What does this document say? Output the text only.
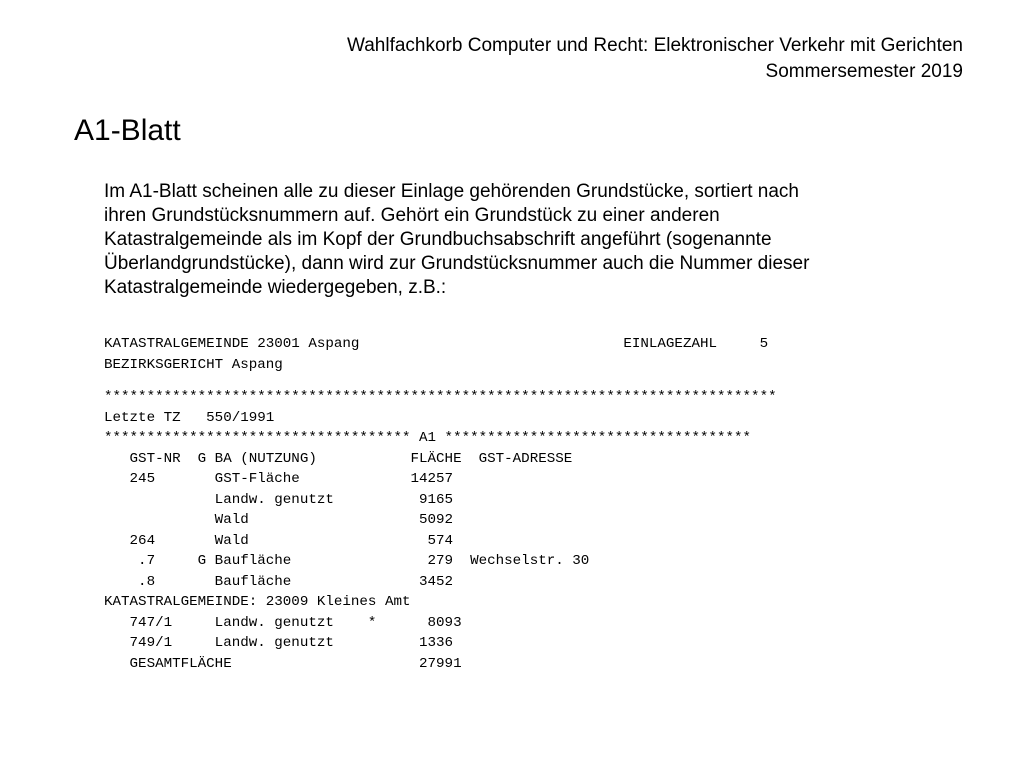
Wahlfachkorb Computer und Recht: Elektronischer Verkehr mit Gerichten
Sommersemester 2019
A1-Blatt
Im A1-Blatt scheinen alle zu dieser Einlage gehörenden Grundstücke, sortiert nach
ihren Grundstücksnummern auf. Gehört ein Grundstück zu einer anderen
Katastralgemeinde als im Kopf der Grundbuchsabschrift angeführt (sogenannte
Überlandgrundstücke), dann wird zur Grundstücksnummer auch die Nummer dieser
Katastralgemeinde wiedergegeben, z.B.:
KATASTRALGEMEINDE 23001 Aspang                               EINLAGEZAHL     5
BEZIRKSGERICHT Aspang
*******************************************************************************
Letzte TZ   550/1991
************************************ A1 ************************************
GST-NR  G BA (NUTZUNG)           FLÄCHE  GST-ADRESSE
245       GST-Fläche             14257
Landw. genutzt          9165
Wald                    5092
264       Wald                     574
.7     G Baufläche                279  Wechselstr. 30
.8       Baufläche               3452
KATASTRALGEMEINDE: 23009 Kleines Amt
747/1     Landw. genutzt    *      8093
749/1     Landw. genutzt          1336
GESAMTFLÄCHE                      27991
